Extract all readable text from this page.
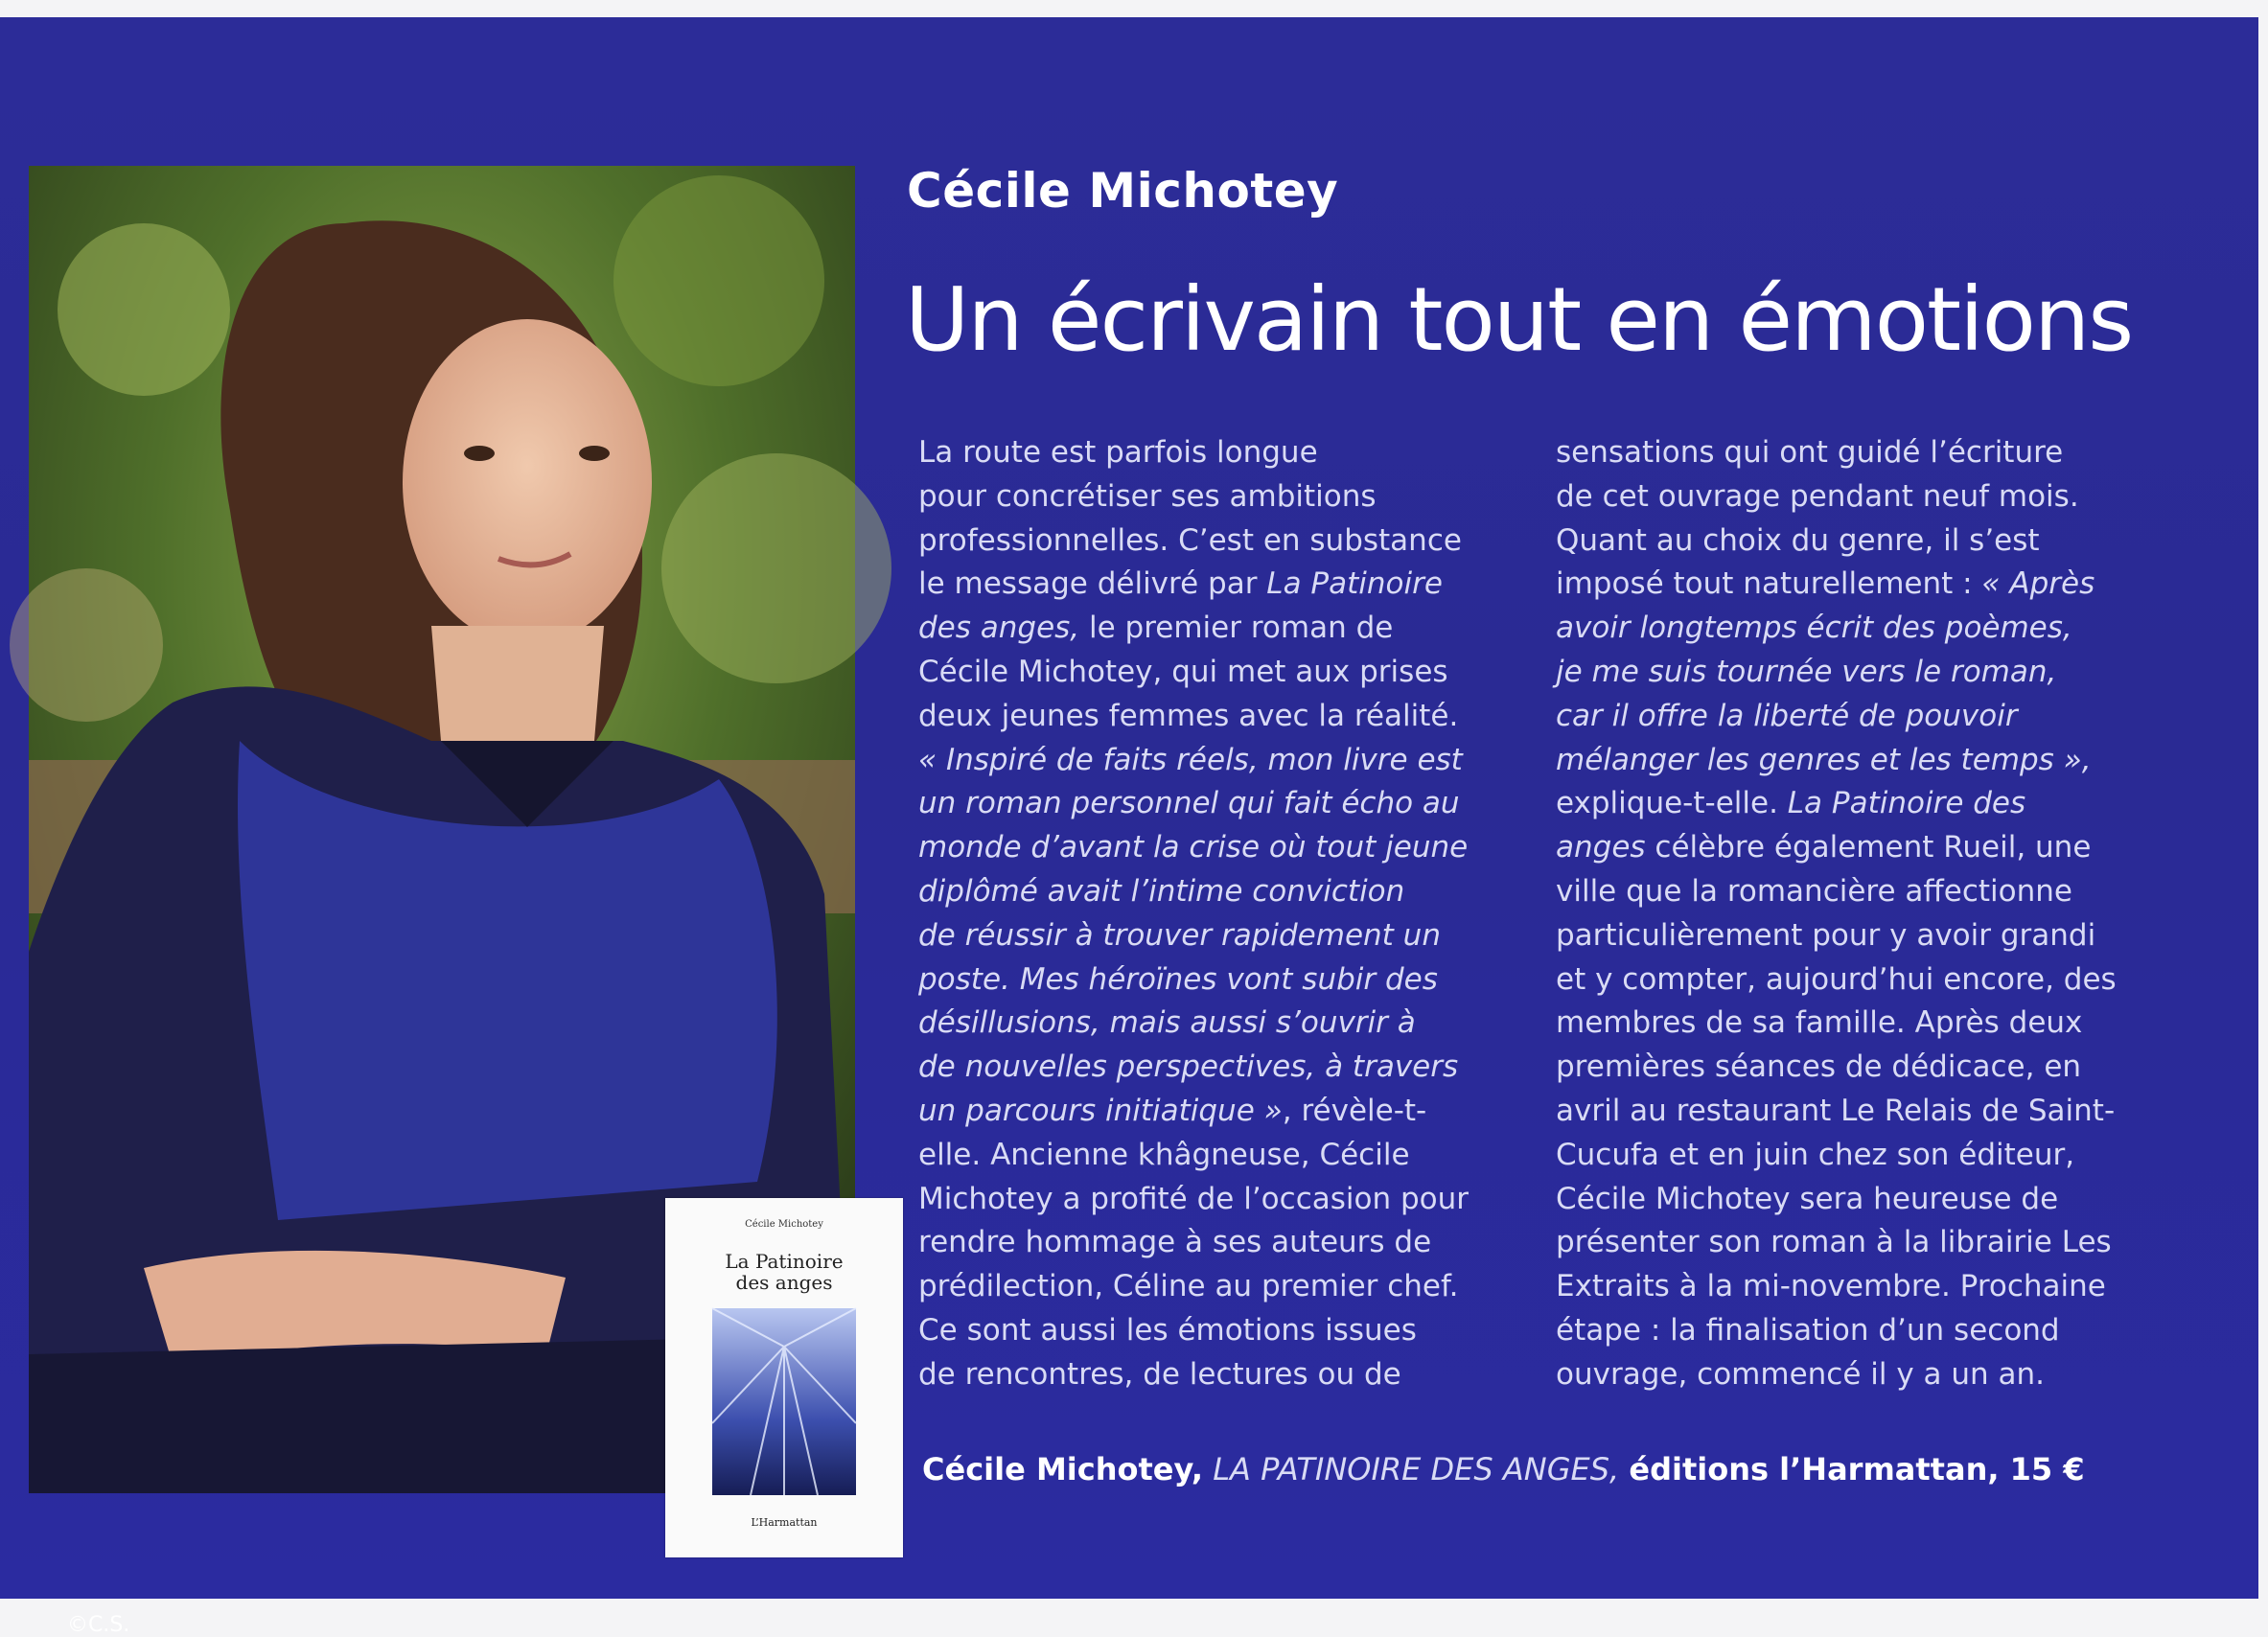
©C.S.
Cécile Michotey
La Patinoire
des anges
L’Harmattan
Cécile Michotey
Un écrivain tout en émotions

La route est parfois longue

pour concrétiser ses ambitions

professionnelles. C’est en substance

le message délivré par La Patinoire

des anges, le premier roman de

Cécile Michotey, qui met aux prises

deux jeunes femmes avec la réalité.

« Inspiré de faits réels, mon livre est

un roman personnel qui fait écho au

monde d’avant la crise où tout jeune

diplômé avait l’intime conviction

de réussir à trouver rapidement un

poste. Mes héroïnes vont subir des

désillusions, mais aussi s’ouvrir à

de nouvelles perspectives, à travers

un parcours initiatique », révèle-t-

elle. Ancienne khâgneuse, Cécile

Michotey a profité de l’occasion pour

rendre hommage à ses auteurs de

prédilection, Céline au premier chef.

Ce sont aussi les émotions issues

de rencontres, de lectures ou de

sensations qui ont guidé l’écriture

de cet ouvrage pendant neuf mois.

Quant au choix du genre, il s’est

imposé tout naturellement : « Après

avoir longtemps écrit des poèmes,

je me suis tournée vers le roman,

car il offre la liberté de pouvoir

mélanger les genres et les temps »,

explique-t-elle. La Patinoire des

anges célèbre également Rueil, une

ville que la romancière affectionne

particulièrement pour y avoir grandi

et y compter, aujourd’hui encore, des

membres de sa famille. Après deux

premières séances de dédicace, en

avril au restaurant Le Relais de Saint-

Cucufa et en juin chez son éditeur,

Cécile Michotey sera heureuse de

présenter son roman à la librairie Les

Extraits à la mi-novembre. Prochaine

étape : la finalisation d’un second

ouvrage, commencé il y a un an.

Cécile Michotey, LA PATINOIRE DES ANGES, éditions l’Harmattan, 15 €
